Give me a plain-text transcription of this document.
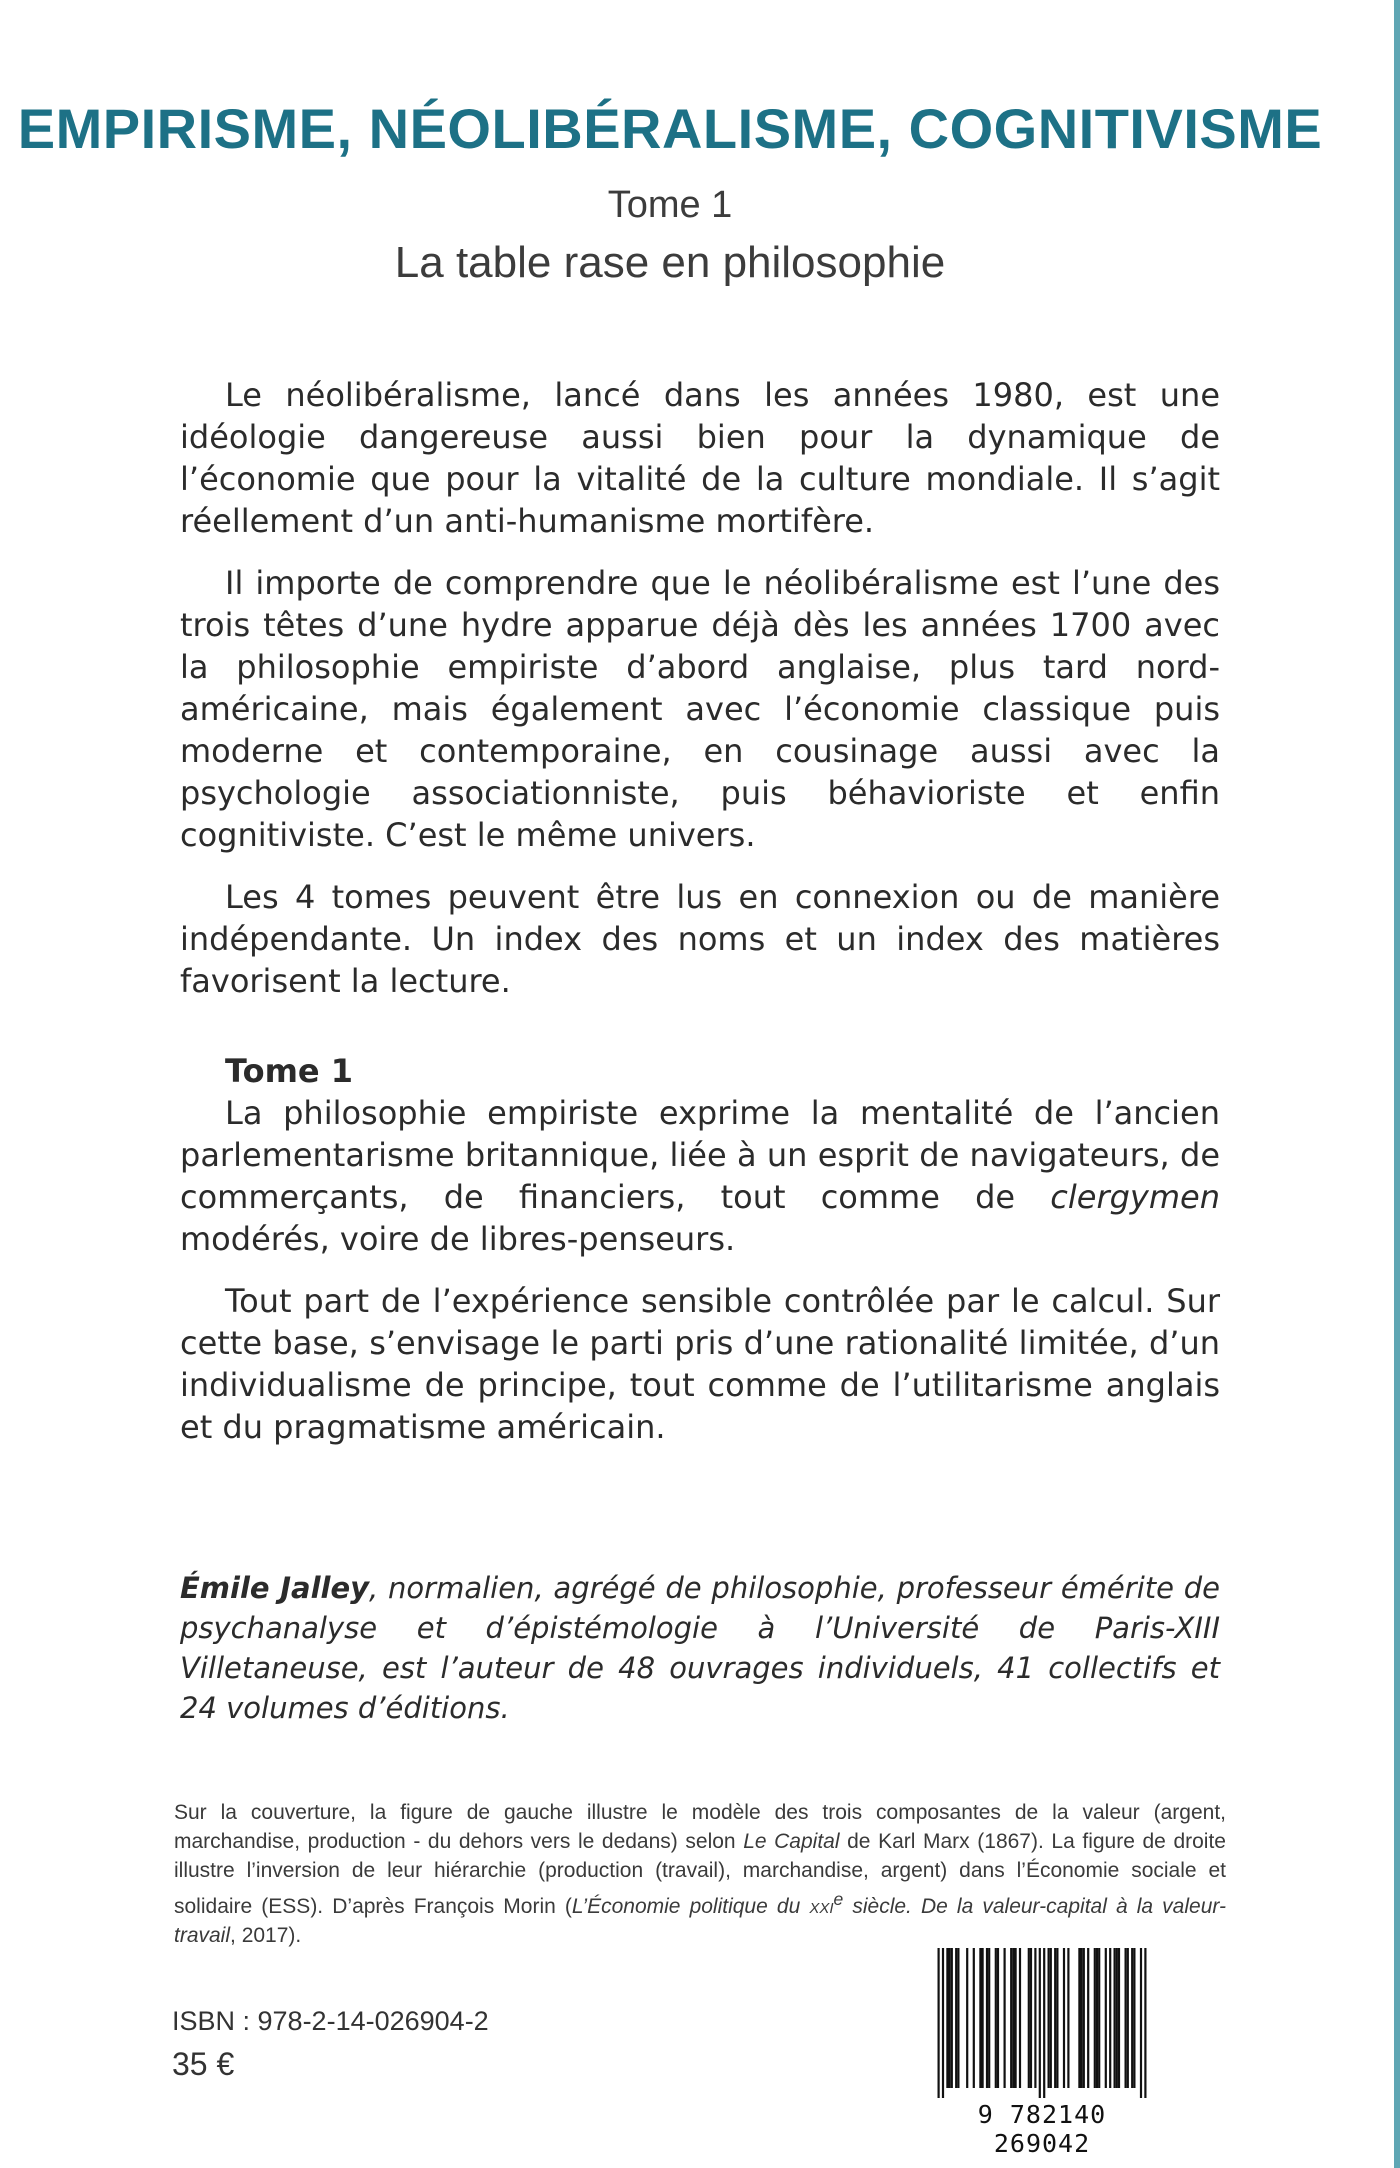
EMPIRISME, NÉOLIBÉRALISME, COGNITIVISME
Tome 1
La table rase en philosophie

Le néolibéralisme, lancé dans les années 1980, est une idéologie dangereuse aussi bien pour la dynamique de l’économie que pour la vitalité de la culture mondiale. Il s’agit réellement d’un anti-humanisme mortifère.

Il importe de comprendre que le néolibéralisme est l’une des trois têtes d’une hydre apparue déjà dès les années 1700 avec la philosophie empiriste d’abord anglaise, plus tard nord-américaine, mais également avec l’économie classique puis moderne et contemporaine, en cousinage aussi avec la psychologie associationniste, puis béhavioriste et enfin cognitiviste. C’est le même univers.

Les 4 tomes peuvent être lus en connexion ou de manière indépendante. Un index des noms et un index des matières favorisent la lecture.

Tome 1

La philosophie empiriste exprime la mentalité de l’ancien parlementarisme britannique, liée à un esprit de navigateurs, de commerçants, de financiers, tout comme de clergymen modérés, voire de libres-penseurs.

Tout part de l’expérience sensible contrôlée par le calcul. Sur cette base, s’envisage le parti pris d’une rationalité limitée, d’un individualisme de principe, tout comme de l’utilitarisme anglais et du pragmatisme américain.

Émile Jalley, normalien, agrégé de philosophie, professeur émérite de psychanalyse et d’épistémologie à l’Université de Paris-XIII Villetaneuse, est l’auteur de 48 ouvrages individuels, 41 collectifs et 24 volumes d’éditions.
Sur la couverture, la figure de gauche illustre le modèle des trois composantes de la valeur (argent, marchandise, production - du dehors vers le dedans) selon Le Capital de Karl Marx (1867). La figure de droite illustre l’inversion de leur hiérarchie (production (travail), marchandise, argent) dans l’Économie sociale et solidaire (ESS). D’après François Morin (L’Économie politique du xxi$^e$ siècle. De la valeur-capital à la valeur-travail, 2017).
ISBN : 978-2-14-026904-2
35 €
9 782140 269042
